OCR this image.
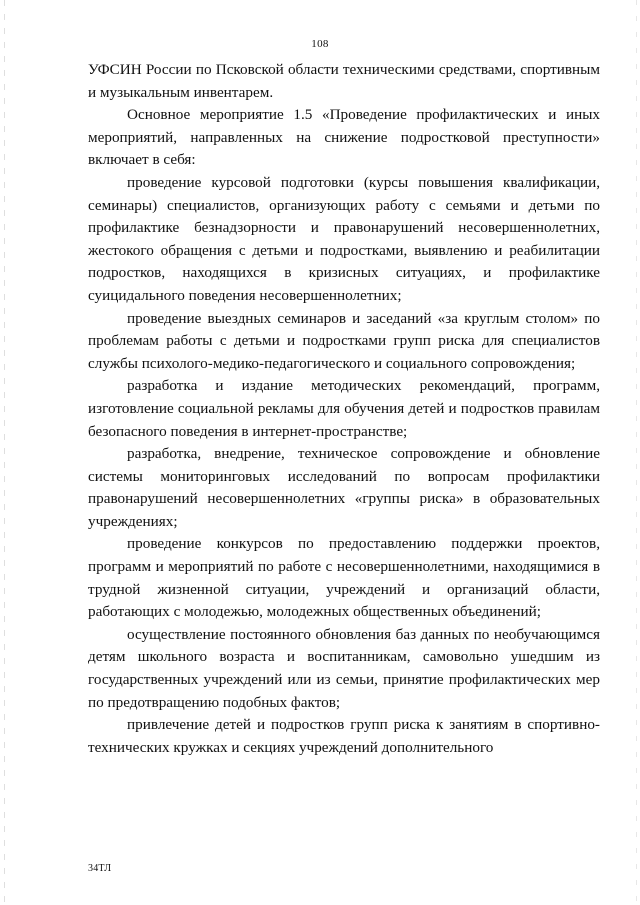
108

УФСИН России по Псковской области техническими средствами, спортивным и музыкальным инвентарем.

Основное мероприятие 1.5 «Проведение профилактических и иных мероприятий, направленных на снижение подростковой преступности» включает в себя:

проведение курсовой подготовки (курсы повышения квалификации, семинары) специалистов, организующих работу с семьями и детьми по профилактике безнадзорности и правонарушений несовершеннолетних, жестокого обращения с детьми и подростками, выявлению и реабилитации подростков, находящихся в кризисных ситуациях, и профилактике суицидального поведения несовершеннолетних;

проведение выездных семинаров и заседаний «за круглым столом» по проблемам работы с детьми и подростками групп риска для специалистов службы психолого-медико-педагогического и социального сопровождения;

разработка и издание методических рекомендаций, программ, изготовление социальной рекламы для обучения детей и подростков правилам безопасного поведения в интернет-пространстве;

разработка, внедрение, техническое сопровождение и обновление системы мониторинговых исследований по вопросам профилактики правонарушений несовершеннолетних «группы риска» в образовательных учреждениях;

проведение конкурсов по предоставлению поддержки проектов, программ и мероприятий по работе с несовершеннолетними, находящимися в трудной жизненной ситуации, учреждений и организаций области, работающих с молодежью, молодежных общественных объединений;

осуществление постоянного обновления баз данных по необучающимся детям школьного возраста и воспитанникам, самовольно ушедшим из государственных учреждений или из семьи, принятие профилактических мер по предотвращению подобных фактов;

привлечение детей и подростков групп риска к занятиям в спортивно-технических кружках и секциях учреждений дополнительного

34ТЛ
